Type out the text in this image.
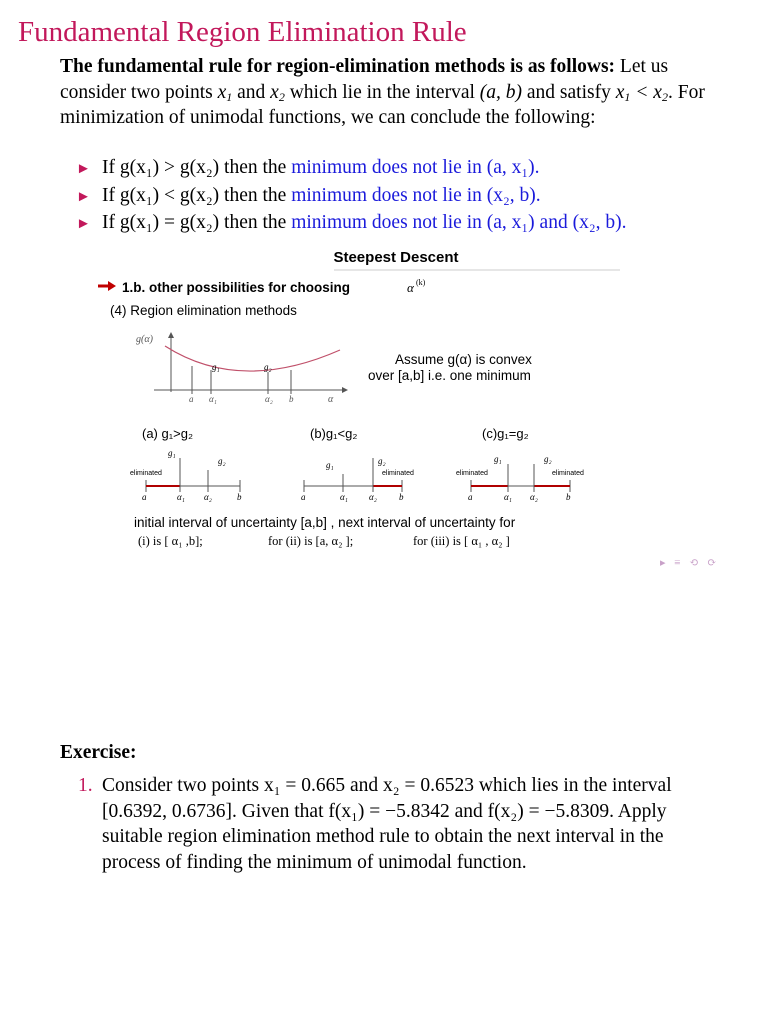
Fundamental Region Elimination Rule
The fundamental rule for region-elimination methods is as follows: Let us consider two points $x_1$ and $x_2$ which lie in the interval (a, b) and satisfy $x_1 < x_2$. For minimization of unimodal functions, we can conclude the following:
► If g(x₁) > g(x₂) then the minimum does not lie in (a, x₁).
► If g(x₁) < g(x₂) then the minimum does not lie in (x₂, b).
► If g(x₁) = g(x₂) then the minimum does not lie in (a, x₁) and (x₂, b).
Steepest Descent
1.b. other possibilities for choosing	α (k)
(4) Region elimination methods
g(α)
g₁	g₂
a α₁	α₂ b	α
Assume g(α) is convex
over [a,b] i.e. one minimum
(a) g₁>g₂	(b)g₁<g₂	(c)g₁=g₂
g₁
g₂
eliminated
a	α₁ α₂	b
g₁	g₂
eliminated
a	α₁ α₂ b
g₁	g₂
eliminated	eliminated
a	α₁ α₂	b
initial interval of uncertainty [a,b] , next interval of uncertainty for
(i) is [ α₁ ,b];	for (ii) is [a, α₂ ];	for (iii) is [ α₁ , α₂ ]
▸ ≡ ⟲ ⟳
Exercise:
1. Consider two points x₁ = 0.665 and x₂ = 0.6523 which lies in the interval [0.6392, 0.6736]. Given that f(x₁) = −5.8342 and f(x₂) = −5.8309. Apply suitable region elimination method rule to obtain the next interval in the process of finding the minimum of unimodal function.
